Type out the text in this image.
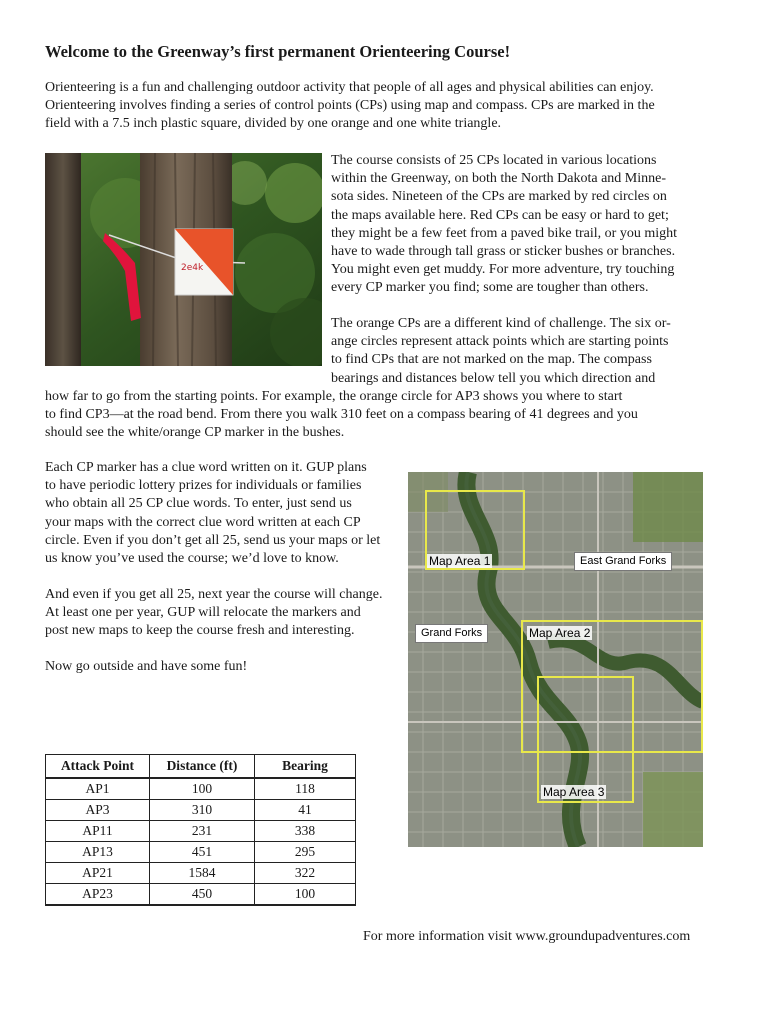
Welcome to the Greenway’s first permanent Orienteering Course!

Orienteering is a fun and challenging outdoor activity that people of all ages and physical abilities can enjoy.
Orienteering involves finding a series of control points (CPs) using map and compass. CPs are marked in the
field with a 7.5 inch plastic square, divided by one orange and one white triangle.

2e4k

The course consists of 25 CPs located in various locations
within the Greenway, on both the North Dakota and Minne-
sota sides. Nineteen of the CPs are marked by red circles on
the maps available here. Red CPs can be easy or hard to get;
they might be a few feet from a paved bike trail, or you might
have to wade through tall grass or sticker bushes or branches.
You might even get muddy. For more adventure, try touching
every CP marker you find; some are tougher than others.

The orange CPs are a different kind of challenge. The six or-
ange circles represent attack points which are starting points
to find CPs that are not marked on the map. The compass
bearings and distances below tell you which direction and
how far to go from the starting points. For example, the orange circle for AP3 shows you where to start
to find CP3—at the road bend. From there you walk 310 feet on a compass bearing of 41 degrees and you
should see the white/orange CP marker in the bushes.

Each CP marker has a clue word written on it. GUP plans
to have periodic lottery prizes for individuals or families
who obtain all 25 CP clue words. To enter, just send us
your maps with the correct clue word written at each CP
circle. Even if you don’t get all 25, send us your maps or let
us know you’ve used the course; we’d love to know.

And even if you get all 25, next year the course will change.
At least one per year, GUP will relocate the markers and
post new maps to keep the course fresh and interesting.

Now go outside and have some fun!

Map Area 1
Map Area 2
Map Area 3
East Grand Forks
Grand Forks
Attack Point	Distance (ft)	Bearing
AP1	100	118
AP3	310	41
AP11	231	338
AP13	451	295
AP21	1584	322
AP23	450	100

For more information visit www.groundupadventures.com
